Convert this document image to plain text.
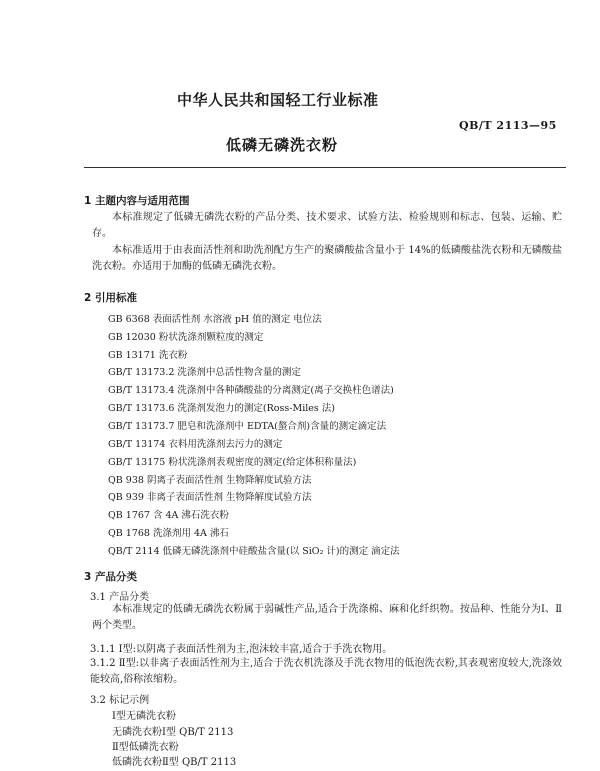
中华人民共和国轻工行业标准
QB/T 2113—95
低磷无磷洗衣粉
1 主题内容与适用范围
本标准规定了低磷无磷洗衣粉的产品分类、技术要求、试验方法、检验规则和标志、包装、运输、贮存。
本标准适用于由表面活性剂和助洗剂配方生产的聚磷酸盐含量小于 14%的低磷酸盐洗衣粉和无磷酸盐洗衣粉。亦适用于加酶的低磷无磷洗衣粉。
2 引用标准
GB 6368 表面活性剂 水溶液 pH 值的测定 电位法
GB 12030 粉状洗涤剂颗粒度的测定
GB 13171 洗衣粉
GB/T 13173.2 洗涤剂中总活性物含量的测定
GB/T 13173.4 洗涤剂中各种磷酸盐的分离测定(离子交换柱色谱法)
GB/T 13173.6 洗涤剂发泡力的测定(Ross-Miles 法)
GB/T 13173.7 肥皂和洗涤剂中 EDTA(螯合剂)含量的测定滴定法
GB/T 13174 衣料用洗涤剂去污力的测定
GB/T 13175 粉状洗涤剂表观密度的测定(给定体积称量法)
QB 938 阴离子表面活性剂 生物降解度试验方法
QB 939 非离子表面活性剂 生物降解度试验方法
QB 1767 含 4A 沸石洗衣粉
QB 1768 洗涤剂用 4A 沸石
QB/T 2114 低磷无磷洗涤剂中硅酸盐含量(以 SiO₂ 计)的测定 滴定法
3 产品分类
3.1 产品分类
本标准规定的低磷无磷洗衣粉属于弱碱性产品,适合于洗涤棉、麻和化纤织物。按品种、性能分为Ⅰ、Ⅱ两个类型。
3.1.1 Ⅰ型:以阴离子表面活性剂为主,泡沫较丰富,适合于手洗衣物用。
3.1.2 Ⅱ型:以非离子表面活性剂为主,适合于洗衣机洗涤及手洗衣物用的低泡洗衣粉,其表观密度较大,洗涤效能较高,俗称浓缩粉。
3.2 标记示例
Ⅰ型无磷洗衣粉
无磷洗衣粉Ⅰ型 QB/T 2113
Ⅱ型低磷洗衣粉
低磷洗衣粉Ⅱ型 QB/T 2113
